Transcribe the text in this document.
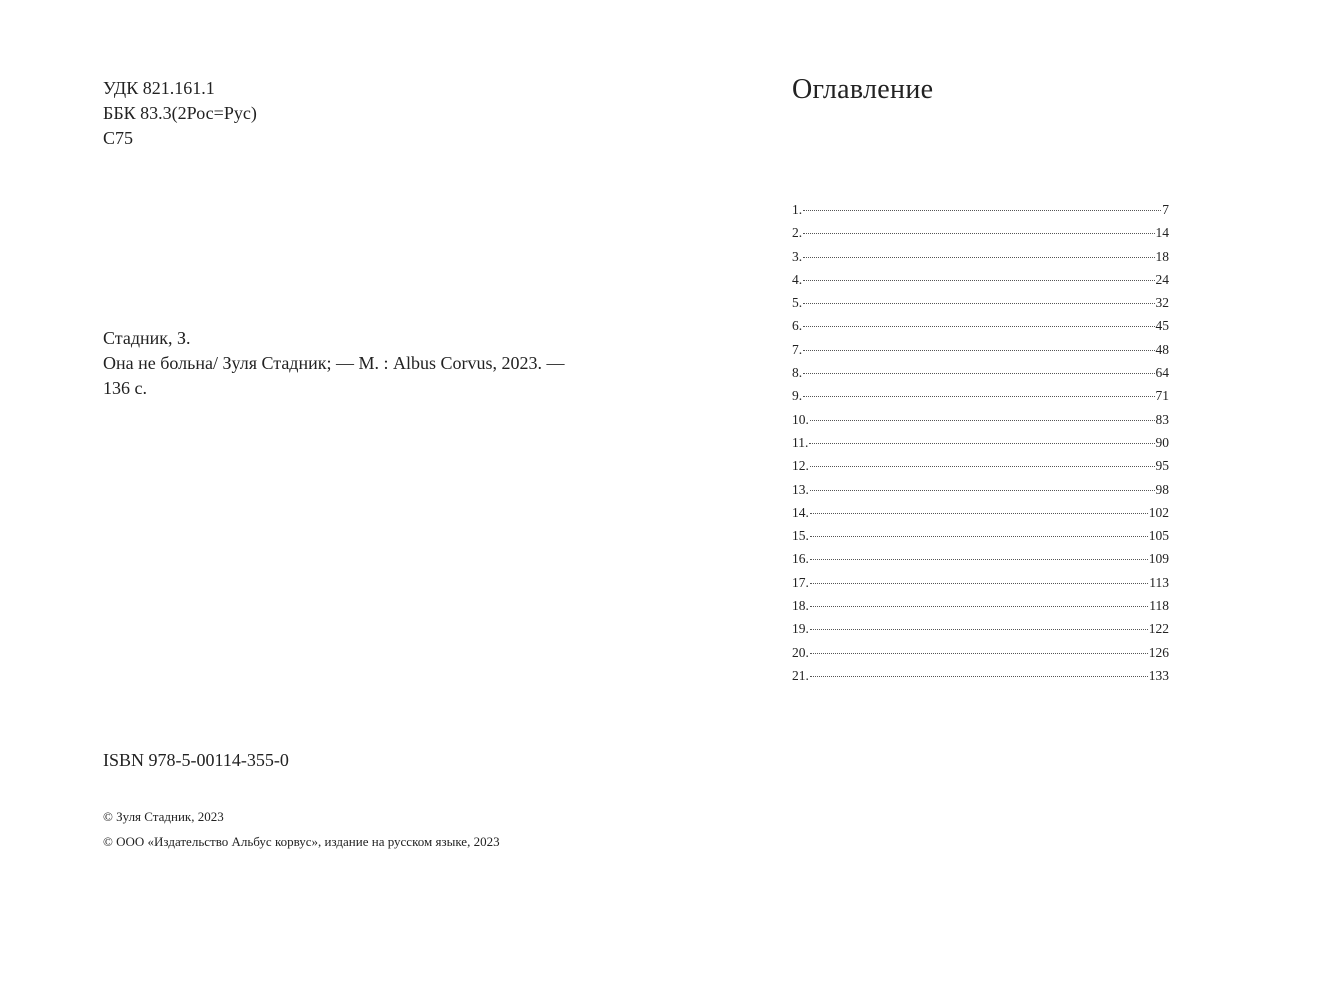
УДК 821.161.1
ББК 83.3(2Рос=Рус)
С75
Стадник, З.
Она не больна/ Зуля Стадник; — М. : Albus Corvus, 2023. —
136 с.
ISBN 978-5-00114-355-0
© Зуля Стадник, 2023
© ООО «Издательство Альбус корвус», издание на русском языке, 2023
Оглавление
1.	7
2.	14
3.	18
4.	24
5.	32
6.	45
7.	48
8.	64
9.	71
10.	83
11.	90
12.	95
13.	98
14.	102
15.	105
16.	109
17.	113
18.	118
19.	122
20.	126
21.	133
